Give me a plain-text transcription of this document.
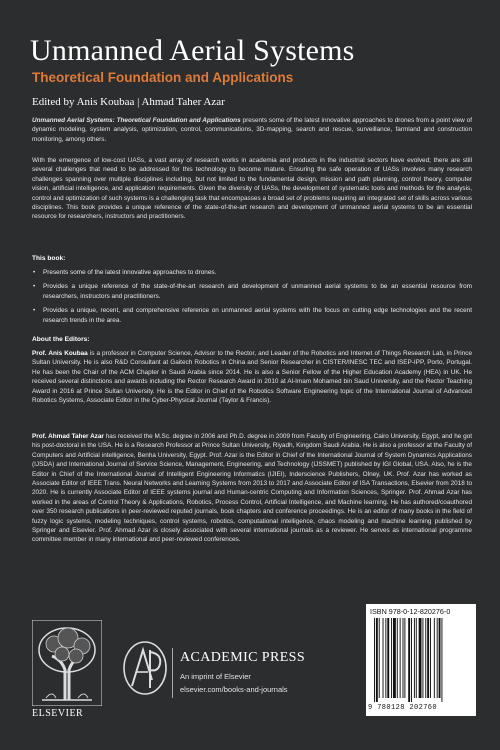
Unmanned Aerial Systems
Theoretical Foundation and Applications
Edited by Anis Koubaa | Ahmad Taher Azar
Unmanned Aerial Systems: Theoretical Foundation and Applications presents some of the latest innovative approaches to drones from a point view of dynamic modeling, system analysis, optimization, control, communications, 3D-mapping, search and rescue, surveillance, farmland and construction monitoring, among others.
With the emergence of low-cost UASs, a vast array of research works in academia and products in the industrial sectors have evolved; there are still several challenges that need to be addressed for this technology to become mature. Ensuring the safe operation of UASs involves many research challenges spanning over multiple disciplines including, but not limited to the fundamental design, mission and path planning, control theory, computer vision, artificial intelligence, and application requirements. Given the diversity of UASs, the development of systematic tools and methods for the analysis, control and optimization of such systems is a challenging task that encompasses a broad set of problems requiring an integrated set of skills across various disciplines. This book provides a unique reference of the state-of-the-art research and development of unmanned aerial systems to be an essential resource for researchers, instructors and practitioners.
This book:
• Presents some of the latest innovative approaches to drones.
• Provides a unique reference of the state-of-the-art research and development of unmanned aerial systems to be an essential resource from researchers, instructors and practitioners.
• Provides a unique, recent, and comprehensive reference on unmanned aerial systems with the focus on cutting edge technologies and the recent research trends in the area.
About the Editors:
Prof. Anis Koubaa is a professor in Computer Science, Advisor to the Rector, and Leader of the Robotics and Internet of Things Research Lab, in Prince Sultan University. He is also R&D Consultant at Gaitech Robotics in China and Senior Researcher in CISTER/INESC TEC and ISEP-IPP, Porto, Portugal. He has been the Chair of the ACM Chapter in Saudi Arabia since 2014. He is also a Senior Fellow of the Higher Education Academy (HEA) in UK. He received several distinctions and awards including the Rector Research Award in 2010 at Al-Imam Mohamed bin Saud University, and the Rector Teaching Award in 2016 at Prince Sultan University. He is the Editor in Chief of the Robotics Software Engineering topic of the International Journal of Advanced Robotics Systems, Associate Editor in the Cyber-Physical Journal (Taylor & Francis).
Prof. Ahmad Taher Azar has received the M.Sc. degree in 2006 and Ph.D. degree in 2009 from Faculty of Engineering, Cairo University, Egypt, and he got his post-doctoral in the USA. He is a Research Professor at Prince Sultan University, Riyadh, Kingdom Saudi Arabia. He is also a professor at the Faculty of Computers and Artificial intelligence, Benha University, Egypt. Prof. Azar is the Editor in Chief of the International Journal of System Dynamics Applications (IJSDA) and International Journal of Service Science, Management, Engineering, and Technology (IJSSMET) published by IGI Global, USA. Also, he is the Editor in Chief of the International Journal of Intelligent Engineering Informatics (IJIEI), Inderscience Publishers, Olney, UK. Prof. Azar has worked as Associate Editor of IEEE Trans. Neural Networks and Learning Systems from 2013 to 2017 and Associate Editor of ISA Transactions, Elsevier from 2018 to 2020. He is currently Associate Editor of IEEE systems journal and Human-centric Computing and Information Sciences, Springer. Prof. Ahmad Azar has worked in the areas of Control Theory & Applications, Robotics, Process Control, Artificial Intelligence, and Machine learning. He has authored/coauthored over 350 research publications in peer-reviewed reputed journals, book chapters and conference proceedings. He is an editor of many books in the field of fuzzy logic systems, modeling techniques, control systems, robotics, computational intelligence, chaos modeling and machine learning published by Springer and Elsevier. Prof. Ahmad Azar is closely associated with several international journals as a reviewer. He serves as international programme committee member in many international and peer-reviewed conferences.
ELSEVIER
ACADEMIC PRESS
An imprint of Elsevier
elsevier.com/books-and-journals
ISBN 978-0-12-820276-0
9 780128 202760
